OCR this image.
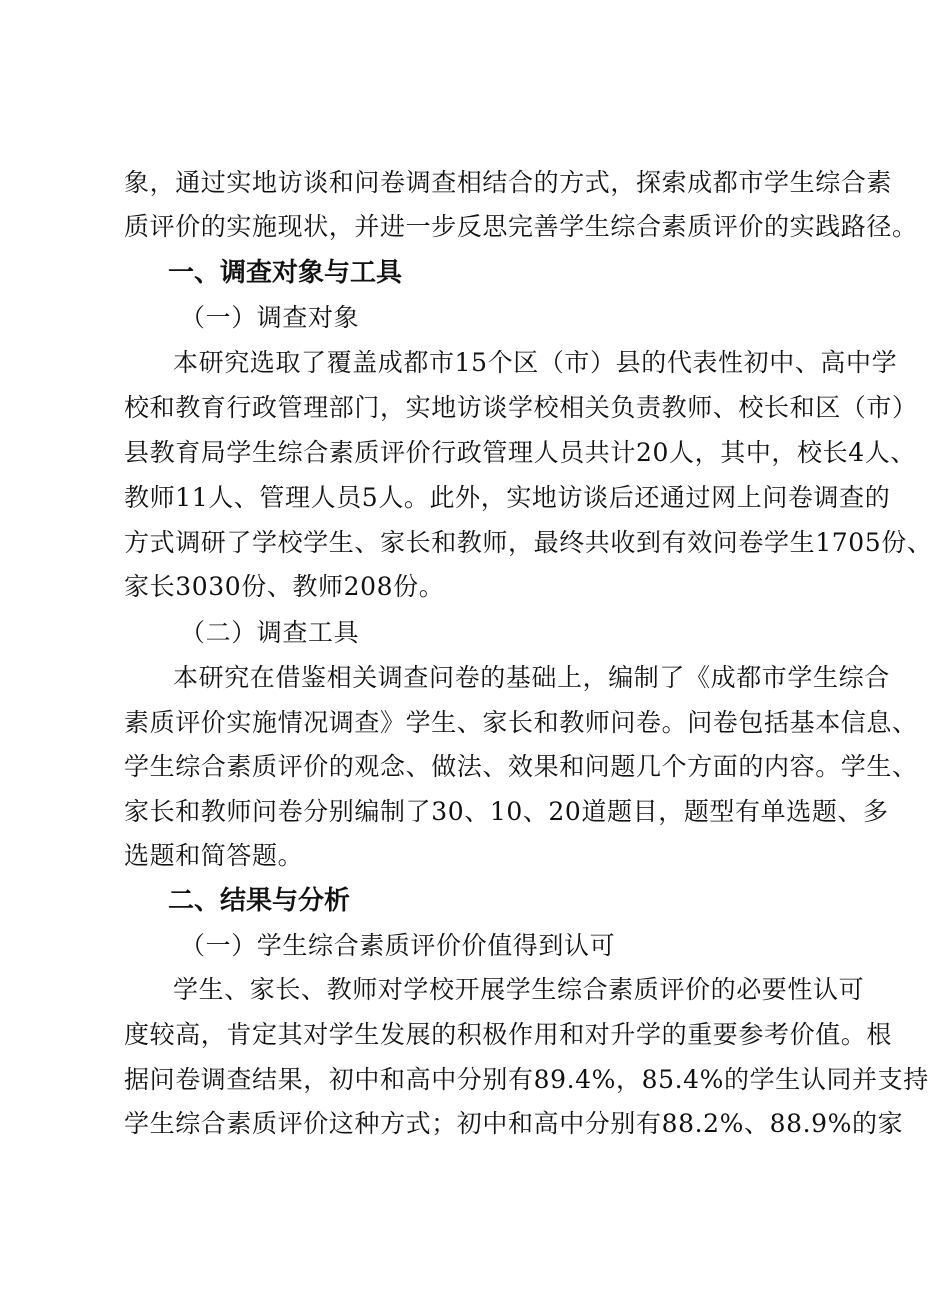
象，通过实地访谈和问卷调查相结合的方式，探索成都市学生综合素
质评价的实施现状，并进一步反思完善学生综合素质评价的实践路径。
一、调查对象与工具
（一）调查对象
本研究选取了覆盖成都市15个区（市）县的代表性初中、高中学
校和教育行政管理部门，实地访谈学校相关负责教师、校长和区（市）
县教育局学生综合素质评价行政管理人员共计20人，其中，校长4人、
教师11人、管理人员5人。此外，实地访谈后还通过网上问卷调查的
方式调研了学校学生、家长和教师，最终共收到有效问卷学生1705份、
家长3030份、教师208份。
（二）调查工具
本研究在借鉴相关调查问卷的基础上，编制了《成都市学生综合
素质评价实施情况调查》学生、家长和教师问卷。问卷包括基本信息、
学生综合素质评价的观念、做法、效果和问题几个方面的内容。学生、
家长和教师问卷分别编制了30、10、20道题目，题型有单选题、多
选题和简答题。
二、结果与分析
（一）学生综合素质评价价值得到认可
学生、家长、教师对学校开展学生综合素质评价的必要性认可
度较高，肯定其对学生发展的积极作用和对升学的重要参考价值。根
据问卷调查结果，初中和高中分别有89.4%，85.4%的学生认同并支持
学生综合素质评价这种方式；初中和高中分别有88.2%、88.9%的家
